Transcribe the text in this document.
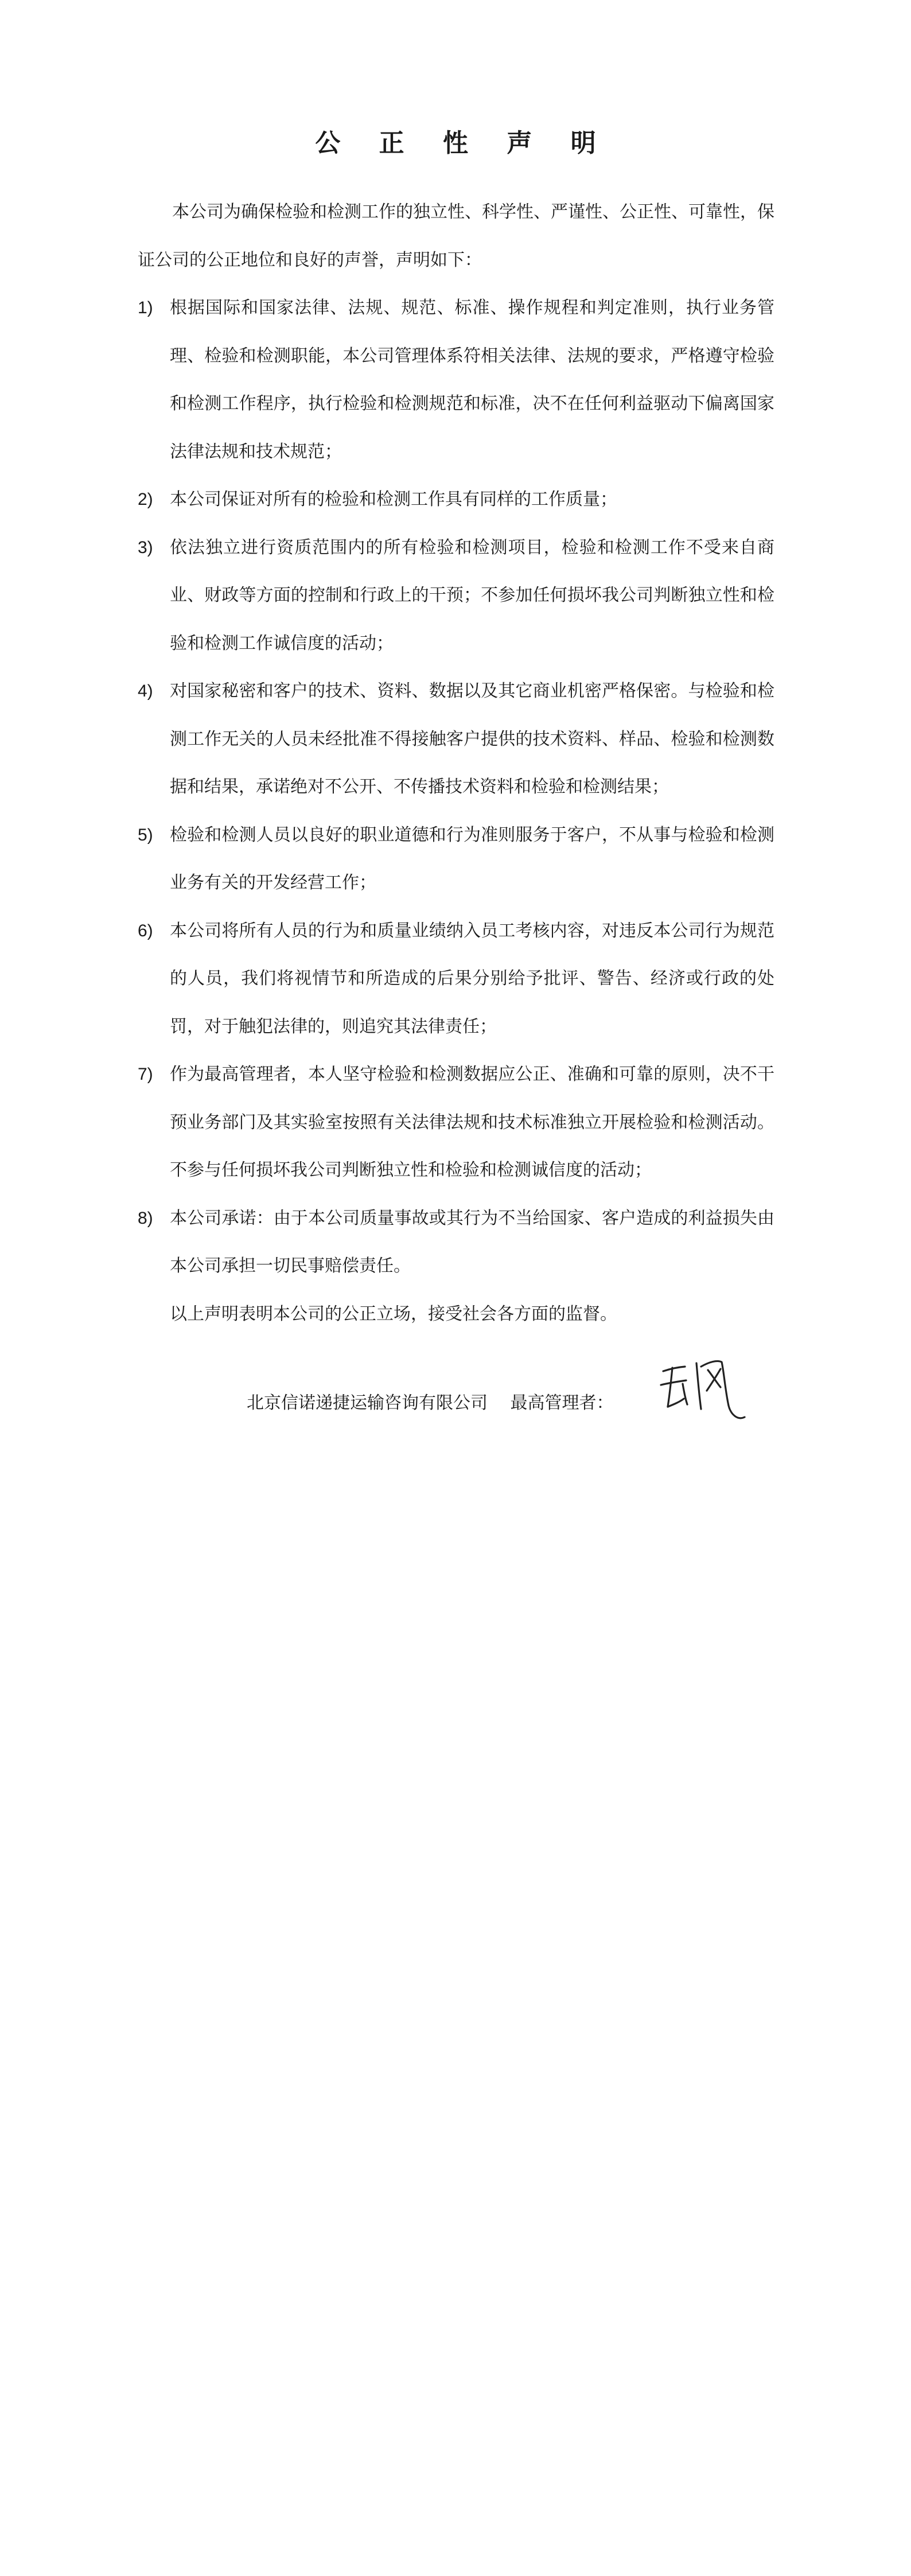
公 正 性 声 明

本公司为确保检验和检测工作的独立性、科学性、严谨性、公正性、可靠性，保证公司的公正地位和良好的声誉，声明如下：

1) 根据国际和国家法律、法规、规范、标准、操作规程和判定准则，执行业务管理、检验和检测职能，本公司管理体系符相关法律、法规的要求，严格遵守检验和检测工作程序，执行检验和检测规范和标准，决不在任何利益驱动下偏离国家法律法规和技术规范；
2) 本公司保证对所有的检验和检测工作具有同样的工作质量；
3) 依法独立进行资质范围内的所有检验和检测项目，检验和检测工作不受来自商业、财政等方面的控制和行政上的干预；不参加任何损坏我公司判断独立性和检验和检测工作诚信度的活动；
4) 对国家秘密和客户的技术、资料、数据以及其它商业机密严格保密。与检验和检测工作无关的人员未经批准不得接触客户提供的技术资料、样品、检验和检测数据和结果，承诺绝对不公开、不传播技术资料和检验和检测结果；
5) 检验和检测人员以良好的职业道德和行为准则服务于客户，不从事与检验和检测业务有关的开发经营工作；
6) 本公司将所有人员的行为和质量业绩纳入员工考核内容，对违反本公司行为规范的人员，我们将视情节和所造成的后果分别给予批评、警告、经济或行政的处罚，对于触犯法律的，则追究其法律责任；
7) 作为最高管理者，本人坚守检验和检测数据应公正、准确和可靠的原则，决不干预业务部门及其实验室按照有关法律法规和技术标准独立开展检验和检测活动。不参与任何损坏我公司判断独立性和检验和检测诚信度的活动；
8) 本公司承诺：由于本公司质量事故或其行为不当给国家、客户造成的利益损失由本公司承担一切民事赔偿责任。

以上声明表明本公司的公正立场，接受社会各方面的监督。

北京信诺递捷运输咨询有限公司 最高管理者：
